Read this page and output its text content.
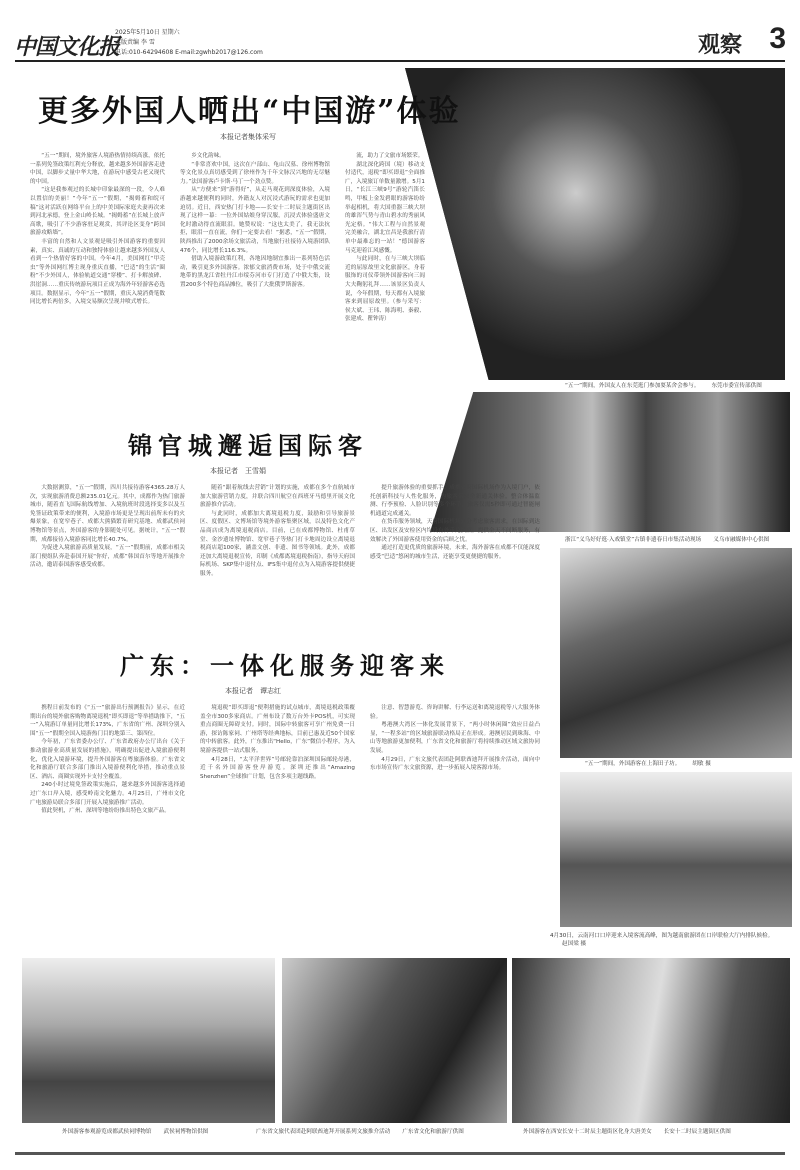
中国文化报
2025年5月10日 星期六
本版责编 李 雪
电话:010-64294608 E-mail:zgwhb2017@126.com	观察 3
更多外国人晒出“中国游”体验
本报记者集体采写

“五一”期间，境外旅客人境游热情持续高涨，依托一系列免签政策红利充分释放，越来越多外国游客走进中国，以脚步丈量中华大地，在游玩中感受古老又现代的中国。

“这是我参观过的长城中印象最深的一段，令人难以置信的美丽！”今年“五一”假期，“揭姆蓄和皖可稿”这对活跃在网络平台上的中美国际家庭夫妻再次来到河北承德，登上金山岭长城。“揭姆蓄”在长城上放声高歌，吸引了不少游客驻足观赏，其评论区变身“跨国旅游攻略墙”。

丰富的自然和人文景观是吸引外国游客的重要因素，真实、真诚的互动和独特体验让越来越多外国友人看到一个热情好客的中国。今年4月，美国网红“甲壳虫”等外国网红博主现身重庆直播，“巴适”的生活“圈粉”不少外国人，体验轨道交通“穿楼”、打卡解放碑、洪崖洞……重庆传统游玩项目正成为海外年轻游客必选项目。数据显示，今年“五一”假期，重庆入境消费笔数同比增长两倍多，入境交易额次呈现井喷式增长。

乡文化韵味。

“非常喜欢中国，这次在户部山、龟山汉墓、徐州博物馆等文化景点真切感受到了徐州作为千年文脉汉兴地的无尽魅力。”法国游客卢卡斯·马丁一个劲点赞。

从“方便来”到“游得好”，从走马观花到深度体验，入境游越来越便利的同时，外籍友人对沉浸式游玩的需求也更加迫切。近日，西安热门打卡地——长安十二时辰主题街区出现了这样一幕：一位外国姑娘身穿汉服，沉浸式体验盛唐文化时激动得直流眼泪。她赞叹说：“这也太美了，我无法抗拒，眼泪一直在流，你们一定要去看！”据悉，“五一”假期，陕西推出了2000余场文旅活动，当地旅行社接待入境游团队476个，同比增长116.3%。

借助入境游政策红利，各地因地制宜推出一系列特色活动，吸引更多外国游客。浓郁文旅消费市场，处于中俄交流地带的黑龙江省牡丹江市绥芬河市专门打造了中俄大集，设置200多个特色商品摊位，吸引了大批俄罗斯游客。

流，助力了文旅市场繁荣。

湖北深化跨国（境）移动支付适代，退税“即买即退”全面推广，入境旅订单数量激增。5月1日，“长江三峡9号”游轮汽笛长鸣，甲板上金发碧眼的游客纷纷举起相机，将大国重器三峡大坝的雄浑气势与青山碧水的秀丽风光定格。“伟大工程与自然景观完美融合，湖北宜昌是我旅行清单中最难忘的一站！”德国游客马克迎着江风感慨。

与此同时，在与三峡大坝临近的屈原故里文化旅游区，身着服饰的司仪带领外国游客向三闾大夫鞠躬礼拜……该景区负责人说，今年假期，每天都有入境旅客来到屈原故里。（参与采写：侯大斌、王玮、陈海明、秦毅、张建成、瞿钟涛）

“五一”期间，外国友人在东莞逛门参加耍某舍会参与。 东莞市委宣传部供图
浙江“义乌好好逛·入戏镇堂”古镇非遗春日市集活动现场 义乌市融媒体中心供图
锦官城邂逅国际客
本报记者　王雪娟

大数据测算，“五一”假期，四川共接待游客4365.28万人次，实现旅游消费总额235.01亿元。其中，成都作为热门旅游城市，随着直飞国际航线增加、入境航班时段选择变多以及互免签证政策带来的便利，入境游市场更是呈现出前所未有的火爆景象，在宽窄巷子、成都大熊猫繁育研究基地、成都武侯祠博物馆等景点，外国游客的身影随处可见。据统计，“五一”假期，成都接待入境游客同比增长40.7%。

为促进入境旅游高质量发展，“五一”假期前，成都市相关部门便组队奔赴泰国开展“你好，成都”韩国首尔等地开展推介活动，邀请泰国游客感受成都。

随着“跟着航线去营销”计划的实施，成都在多个直航城市加大旅游营销力度，并联合四川航空在西班牙马德里开展文化旅游推介活动。

与此同时，成都加大离境退税力度，鼓励和引导旅游景区、度假区、文博场馆等境外游客集聚区域，以及特色文化产品商店成为离境退税商店。目前，已在成都博物馆、杜甫草堂、金沙遗址博物馆、宽窄巷子等热门打卡地周边设立离境退税商店超100家，涵盖文创、非遗、图书等领域。此外，成都还加大离境退税宣传，印制《成都离境退税指南》，指导天府国际机场、SKP集中退付点、IFS集中退付点为入境游客提供便捷服务。

提升旅游体验的重要抓手。成都天府国际机场作为入境门户，依托创新科技与人性化服务，为旅客带来全新通关体验。整合体温监测、行李预检、人脸识别等多个环节，旅客仅需5秒即可通过智能闸机通道完成通关。

在货币服务领域，天府国际机场充分考虑旅客需求，在国际到达区、出发区及安检区内均设有外币兑换点，提供全天不间断服务，有效解决了外国游客使用资金的后顾之忧。

通过打造更优质的旅游环境，未来，海外游客在成都不仅能深度感受“巴适”悠闲的城市生活，还能享受更便捷的服务。

“五一”期间，外国游客在上海田子坊。 胡敏 摄
4月30日，云南河口口岸迎来入境客流高峰，图为越南旅游团在口岸联检大厅内排队候检。赵国梁 摄
广东：一体化服务迎客来
本报记者　谭志红

携程日前发布的《“五一”旅游出行预测报告》显示，在近期出台的境外旅客购物离境退税“即买即退”等举措助推下，“五一”入境游订单量同比增长173%，广东省的广州、深圳分别入围“五一”假期全国入境游热门目的地第三、第四位。

今年初，广东省委办公厅、广东省政府办公厅出台《关于推动旅游业高质量发展的措施》，明确提出促进入境旅游便利化，优化入境游环境，提升外国游客在粤旅游体验。广东省文化和旅游厅联合多部门推出入境游便利化举措，推动重点景区、酒店、商圈实现外卡支付全覆盖。

240小时过境免签政策实施后，越来越多外国游客选择通过广东口岸入境，感受岭南文化魅力。4月25日，广州市文化广电旅游局联合多部门开展入境旅游推广活动。

值此契机，广州、深圳等地纷纷推出特色文旅产品。

境退税“即买即退”便利措施的试点城市，离境退税政策覆盖全市300多家商店。广州布设了数万台外卡POS机，可实现重点商圈无障碍支付。同时，国际中转旅客可享广州免费一日游，探访陈家祠、广州塔等经典地标，目前已惠及近50个国家的中转旅客。此外，广东推出“Hello，广东”微信小程序，为入境游客提供一站式服务。

4月28日，“太平洋世界”号邮轮靠泊深圳国际邮轮母港，近千名外国游客登岸游览。深圳还推出“Amazing Shenzhen”全球推广计划，包含多项主题线路。

注意、智慧游览、咨询讲解、行李运送和离境退税等八大服务体验。

粤港澳大湾区一体化发展背景下，“两小时休闲圈”效应日益凸显，“一程多站”的区域旅游联动格局正在形成。港澳居民到珠海、中山等地旅游更加便利，广东省文化和旅游厅将持续推动区域文旅协同发展。

4月29日，广东文旅代表团赴阿联酋迪拜开展推介活动，面向中东市场宣传广东文旅资源，进一步拓展入境客源市场。

外国游客参观游览成都武侯祠博物馆 武侯祠博物馆供图	广东省文旅代表团赴阿联酋迪拜开展系列文旅推介活动 广东省文化和旅游厅供图	外国游客在西安长安十二时辰主题街区化身大唐美女 长安十二时辰主题街区供图
